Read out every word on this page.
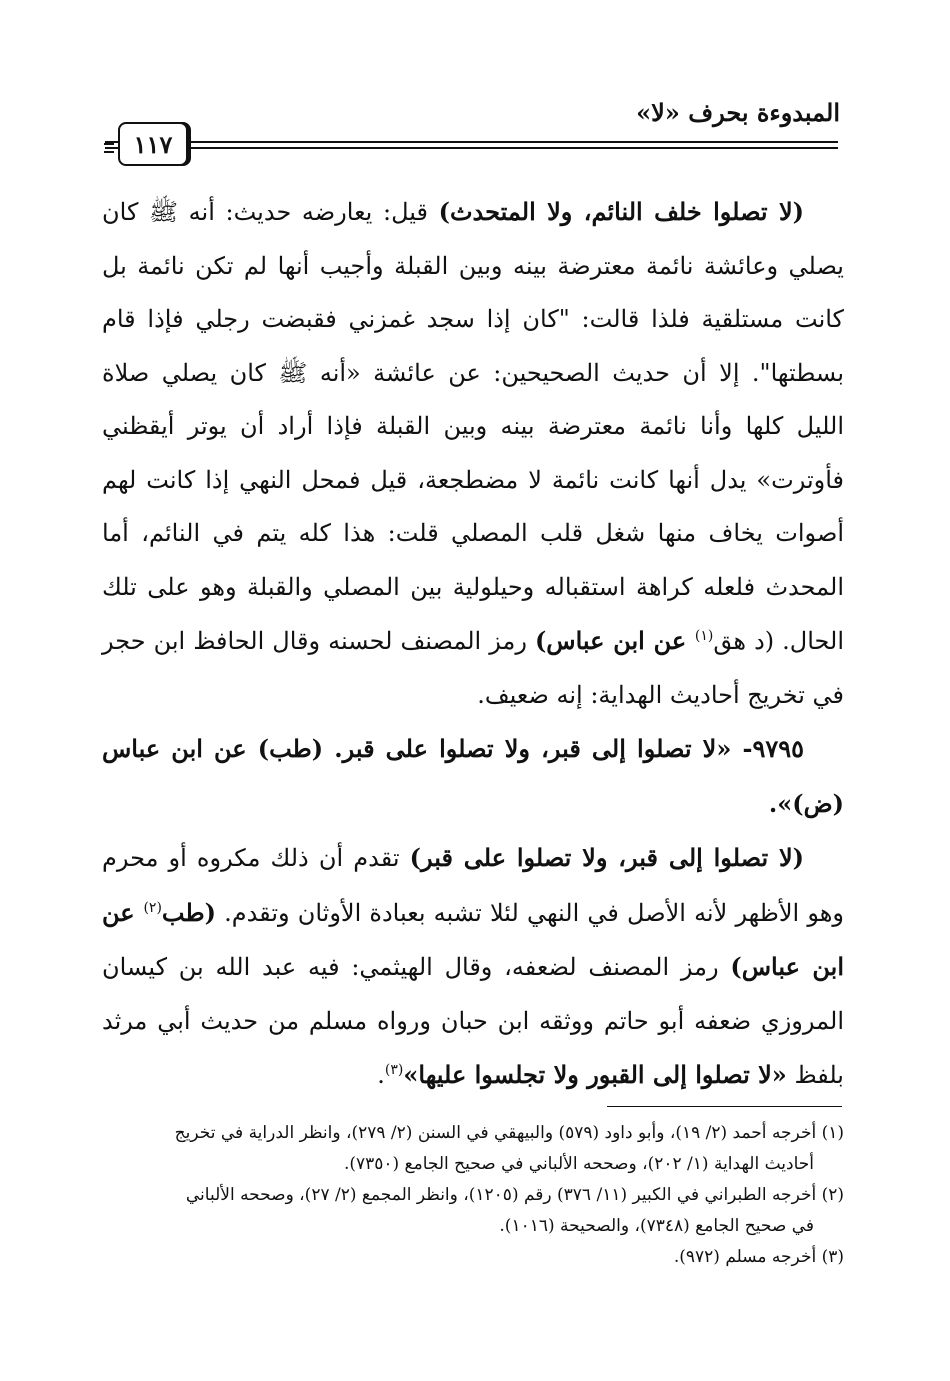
المبدوءة بحرف «لا»
١١٧

(لا تصلوا خلف النائم، ولا المتحدث) قيل: يعارضه حديث: أنه ﷺ كان يصلي وعائشة نائمة معترضة بينه وبين القبلة وأجيب أنها لم تكن نائمة بل كانت مستلقية فلذا قالت: "كان إذا سجد غمزني فقبضت رجلي فإذا قام بسطتها". إلا أن حديث الصحيحين: عن عائشة «أنه ﷺ كان يصلي صلاة الليل كلها وأنا نائمة معترضة بينه وبين القبلة فإذا أراد أن يوتر أيقظني فأوترت» يدل أنها كانت نائمة لا مضطجعة، قيل فمحل النهي إذا كانت لهم أصوات يخاف منها شغل قلب المصلي قلت: هذا كله يتم في النائم، أما المحدث فلعله كراهة استقباله وحيلولية بين المصلي والقبلة وهو على تلك الحال. (د هق$^{(١)}$ عن ابن عباس) رمز المصنف لحسنه وقال الحافظ ابن حجر في تخريج أحاديث الهداية: إنه ضعيف.

٩٧٩٥- «لا تصلوا إلى قبر، ولا تصلوا على قبر. (طب) عن ابن عباس (ض)».

(لا تصلوا إلى قبر، ولا تصلوا على قبر) تقدم أن ذلك مكروه أو محرم وهو الأظهر لأنه الأصل في النهي لئلا تشبه بعبادة الأوثان وتقدم. (طب$^{(٢)}$ عن ابن عباس) رمز المصنف لضعفه، وقال الهيثمي: فيه عبد الله بن كيسان المروزي ضعفه أبو حاتم ووثقه ابن حبان ورواه مسلم من حديث أبي مرثد بلفظ «لا تصلوا إلى القبور ولا تجلسوا عليها»$^{(٣)}$.

(١) أخرجه أحمد (٢/ ١٩)، وأبو داود (٥٧٩) والبيهقي في السنن (٢/ ٢٧٩)، وانظر الدراية في تخريج

أحاديث الهداية (١/ ٢٠٢)، وصححه الألباني في صحيح الجامع (٧٣٥٠).

(٢) أخرجه الطبراني في الكبير (١١/ ٣٧٦) رقم (١٢٠٥)، وانظر المجمع (٢/ ٢٧)، وصححه الألباني

في صحيح الجامع (٧٣٤٨)، والصحيحة (١٠١٦).

(٣) أخرجه مسلم (٩٧٢).
